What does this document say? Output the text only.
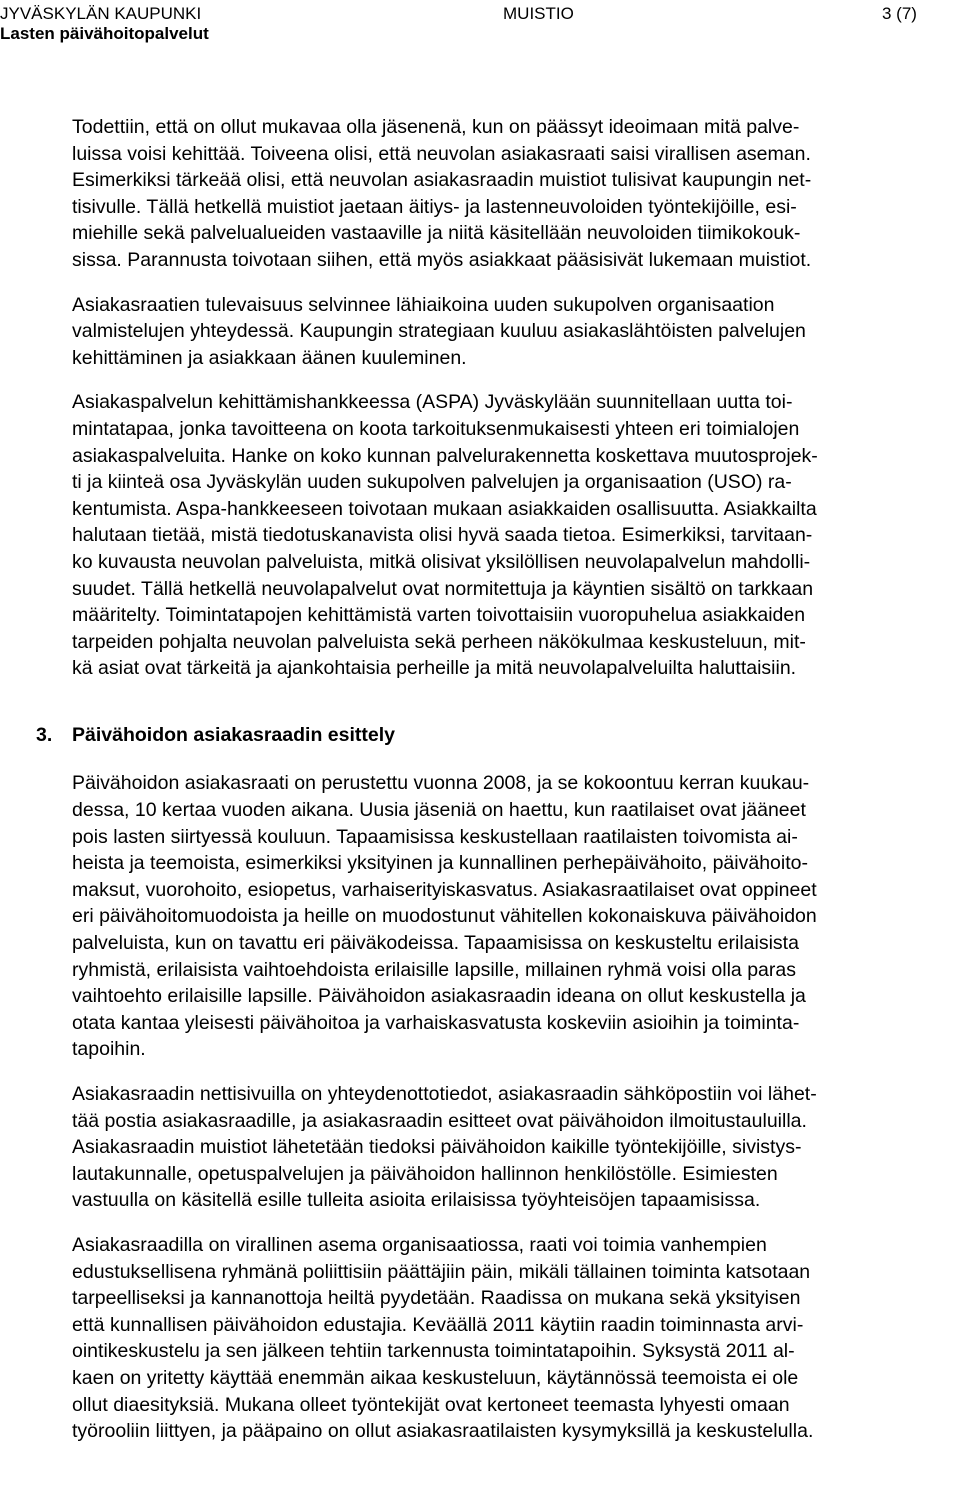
JYVÄSKYLÄN KAUPUNKI
Lasten päivähoitopalvelut
MUISTIO	3 (7)

Todettiin, että on ollut mukavaa olla jäsenenä, kun on päässyt ideoimaan mitä palve-
luissa voisi kehittää. Toiveena olisi, että neuvolan asiakasraati saisi virallisen aseman.
Esimerkiksi tärkeää olisi, että neuvolan asiakasraadin muistiot tulisivat kaupungin net-
tisivulle. Tällä hetkellä muistiot jaetaan äitiys- ja lastenneuvoloiden työntekijöille, esi-
miehille sekä palvelualueiden vastaaville ja niitä käsitellään neuvoloiden tiimikokouk-
sissa. Parannusta toivotaan siihen, että myös asiakkaat pääsisivät lukemaan muistiot.

Asiakasraatien tulevaisuus selvinnee lähiaikoina uuden sukupolven organisaation
valmistelujen yhteydessä. Kaupungin strategiaan kuuluu asiakaslähtöisten palvelujen
kehittäminen ja asiakkaan äänen kuuleminen.

Asiakaspalvelun kehittämishankkeessa (ASPA) Jyväskylään suunnitellaan uutta toi-
mintatapaa, jonka tavoitteena on koota tarkoituksenmukaisesti yhteen eri toimialojen
asiakaspalveluita. Hanke on koko kunnan palvelurakennetta koskettava muutosprojek-
ti ja kiinteä osa Jyväskylän uuden sukupolven palvelujen ja organisaation (USO) ra-
kentumista. Aspa-hankkeeseen toivotaan mukaan asiakkaiden osallisuutta. Asiakkailta
halutaan tietää, mistä tiedotuskanavista olisi hyvä saada tietoa. Esimerkiksi, tarvitaan-
ko kuvausta neuvolan palveluista, mitkä olisivat yksilöllisen neuvolapalvelun mahdolli-
suudet. Tällä hetkellä neuvolapalvelut ovat normitettuja ja käyntien sisältö on tarkkaan
määritelty. Toimintatapojen kehittämistä varten toivottaisiin vuoropuhelua asiakkaiden
tarpeiden pohjalta neuvolan palveluista sekä perheen näkökulmaa keskusteluun, mit-
kä asiat ovat tärkeitä ja ajankohtaisia perheille ja mitä neuvolapalveluilta haluttaisiin.

3.	Päivähoidon asiakasraadin esittely

Päivähoidon asiakasraati on perustettu vuonna 2008, ja se kokoontuu kerran kuukau-
dessa, 10 kertaa vuoden aikana. Uusia jäseniä on haettu, kun raatilaiset ovat jääneet
pois lasten siirtyessä kouluun. Tapaamisissa keskustellaan raatilaisten toivomista ai-
heista ja teemoista, esimerkiksi yksityinen ja kunnallinen perhepäivähoito, päivähoito-
maksut, vuorohoito, esiopetus, varhaiserityiskasvatus. Asiakasraatilaiset ovat oppineet
eri päivähoitomuodoista ja heille on muodostunut vähitellen kokonaiskuva päivähoidon
palveluista, kun on tavattu eri päiväkodeissa. Tapaamisissa on keskusteltu erilaisista
ryhmistä, erilaisista vaihtoehdoista erilaisille lapsille, millainen ryhmä voisi olla paras
vaihtoehto erilaisille lapsille. Päivähoidon asiakasraadin ideana on ollut keskustella ja
otata kantaa yleisesti päivähoitoa ja varhaiskasvatusta koskeviin asioihin ja toiminta-
tapoihin.

Asiakasraadin nettisivuilla on yhteydenottotiedot, asiakasraadin sähköpostiin voi lähet-
tää postia asiakasraadille, ja asiakasraadin esitteet ovat päivähoidon ilmoitustauluilla.
Asiakasraadin muistiot lähetetään tiedoksi päivähoidon kaikille työntekijöille, sivistys-
lautakunnalle, opetuspalvelujen ja päivähoidon hallinnon henkilöstölle. Esimiesten
vastuulla on käsitellä esille tulleita asioita erilaisissa työyhteisöjen tapaamisissa.

Asiakasraadilla on virallinen asema organisaatiossa, raati voi toimia vanhempien
edustuksellisena ryhmänä poliittisiin päättäjiin päin, mikäli tällainen toiminta katsotaan
tarpeelliseksi ja kannanottoja heiltä pyydetään. Raadissa on mukana sekä yksityisen
että kunnallisen päivähoidon edustajia. Keväällä 2011 käytiin raadin toiminnasta arvi-
ointikeskustelu ja sen jälkeen tehtiin tarkennusta toimintatapoihin. Syksystä 2011 al-
kaen on yritetty käyttää enemmän aikaa keskusteluun, käytännössä teemoista ei ole
ollut diaesityksiä. Mukana olleet työntekijät ovat kertoneet teemasta lyhyesti omaan
työrooliin liittyen, ja pääpaino on ollut asiakasraatilaisten kysymyksillä ja keskustelulla.
